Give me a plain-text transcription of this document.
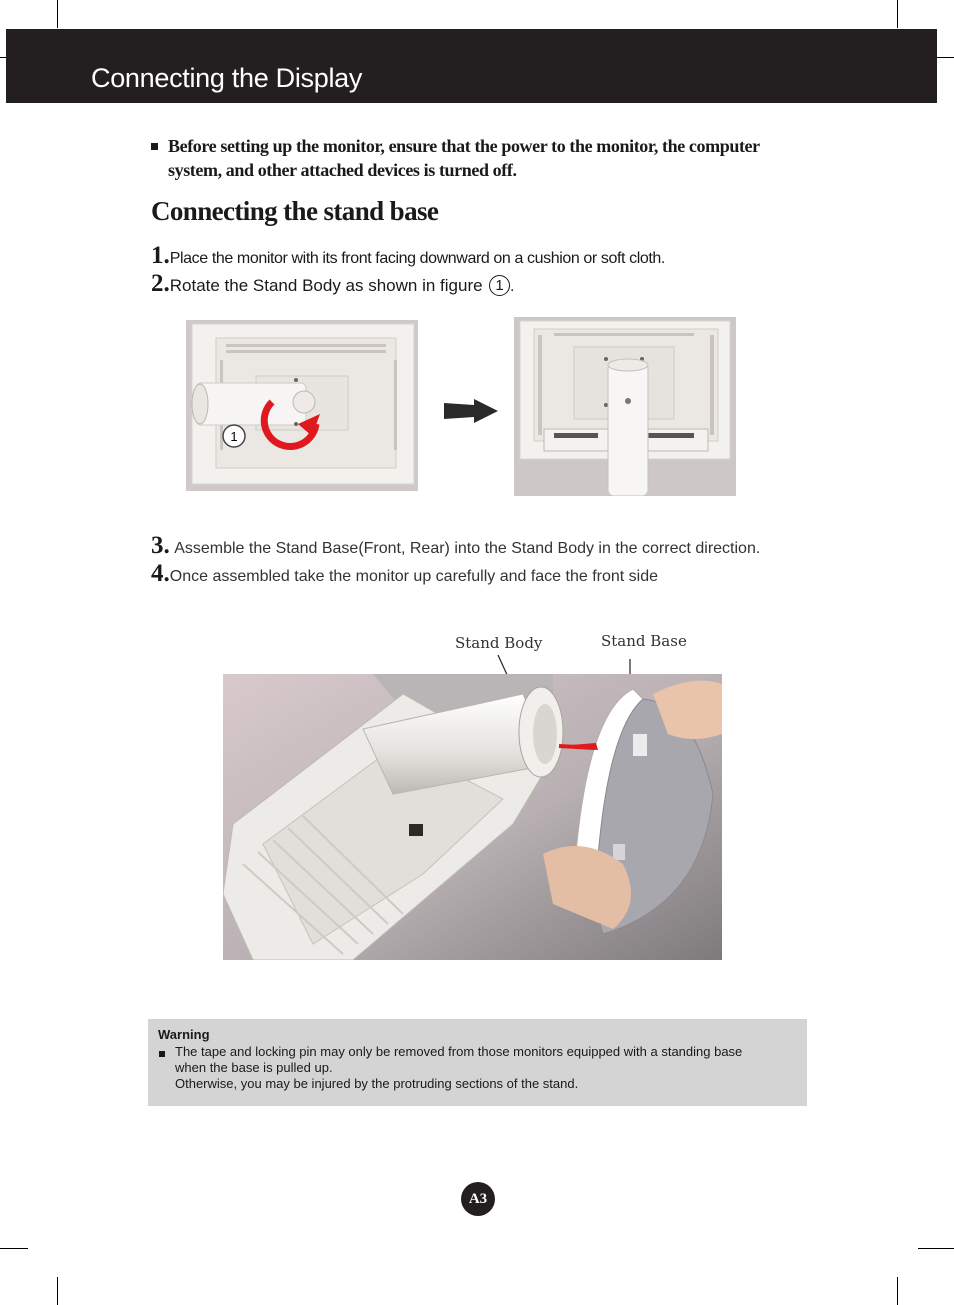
Connecting the Display
Before setting up the monitor, ensure that the power to the monitor, the computer system, and other attached devices is turned off.
Connecting the stand base
1.Place the monitor with its front facing downward on a cushion or soft cloth.
2.Rotate the Stand Body as shown in figure 1 .
1
3. Assemble the Stand Base(Front, Rear) into the Stand Body in the correct direction.
4.Once assembled take the monitor up carefully and face the front side
Stand Body	Stand Base
Warning
The tape and locking pin may only be removed from those monitors equipped with a standing base
when the base is pulled up.
Otherwise, you may be injured by the protruding sections of the stand.
A3
